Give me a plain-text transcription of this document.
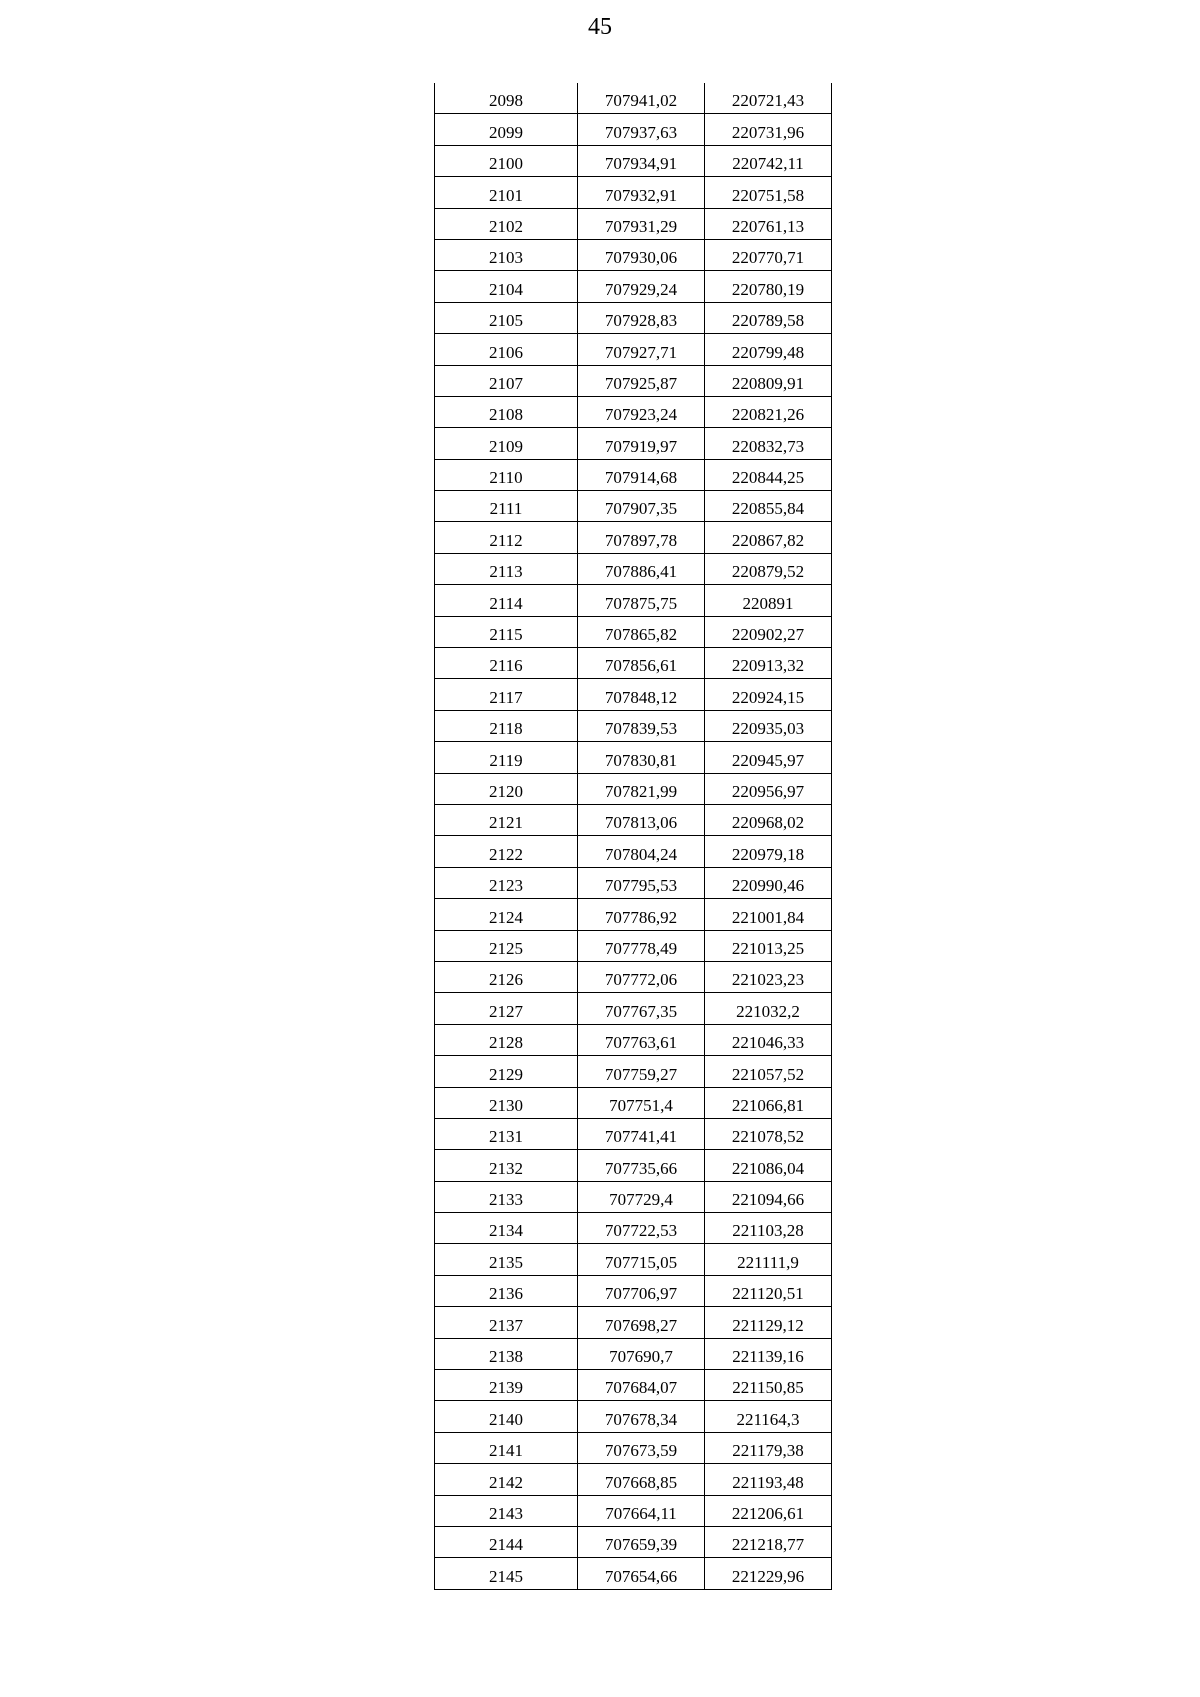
45
2098	707941,02	220721,43
2099	707937,63	220731,96
2100	707934,91	220742,11
2101	707932,91	220751,58
2102	707931,29	220761,13
2103	707930,06	220770,71
2104	707929,24	220780,19
2105	707928,83	220789,58
2106	707927,71	220799,48
2107	707925,87	220809,91
2108	707923,24	220821,26
2109	707919,97	220832,73
2110	707914,68	220844,25
2111	707907,35	220855,84
2112	707897,78	220867,82
2113	707886,41	220879,52
2114	707875,75	220891
2115	707865,82	220902,27
2116	707856,61	220913,32
2117	707848,12	220924,15
2118	707839,53	220935,03
2119	707830,81	220945,97
2120	707821,99	220956,97
2121	707813,06	220968,02
2122	707804,24	220979,18
2123	707795,53	220990,46
2124	707786,92	221001,84
2125	707778,49	221013,25
2126	707772,06	221023,23
2127	707767,35	221032,2
2128	707763,61	221046,33
2129	707759,27	221057,52
2130	707751,4	221066,81
2131	707741,41	221078,52
2132	707735,66	221086,04
2133	707729,4	221094,66
2134	707722,53	221103,28
2135	707715,05	221111,9
2136	707706,97	221120,51
2137	707698,27	221129,12
2138	707690,7	221139,16
2139	707684,07	221150,85
2140	707678,34	221164,3
2141	707673,59	221179,38
2142	707668,85	221193,48
2143	707664,11	221206,61
2144	707659,39	221218,77
2145	707654,66	221229,96
